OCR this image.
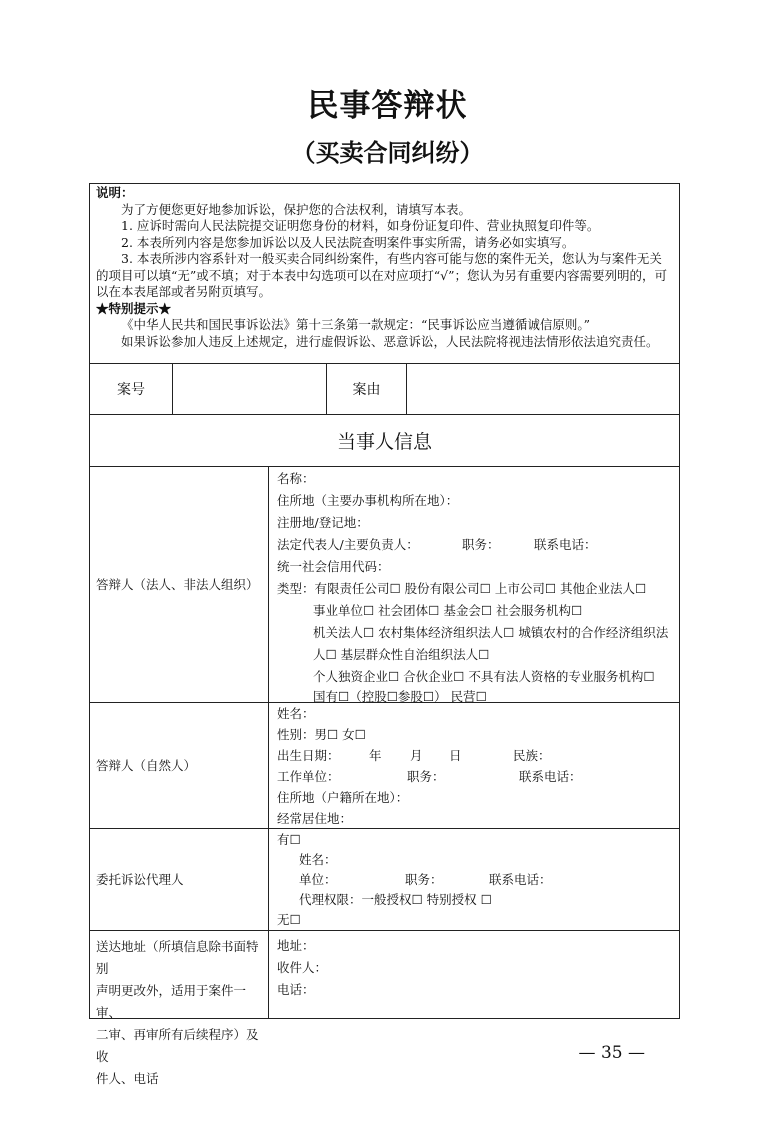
民事答辩状
（买卖合同纠纷）

说明：

为了方便您更好地参加诉讼，保护您的合法权利，请填写本表。

1. 应诉时需向人民法院提交证明您身份的材料，如身份证复印件、营业执照复印件等。

2. 本表所列内容是您参加诉讼以及人民法院查明案件事实所需，请务必如实填写。

3. 本表所涉内容系针对一般买卖合同纠纷案件，有些内容可能与您的案件无关，您认为与案件无关的项目可以填“无”或不填；对于本表中勾选项可以在对应项打“√”；您认为另有重要内容需要列明的，可以在本表尾部或者另附页填写。

★特别提示★

《中华人民共和国民事诉讼法》第十三条第一款规定：“民事诉讼应当遵循诚信原则。”

如果诉讼参加人违反上述规定，进行虚假诉讼、恶意诉讼，人民法院将视违法情形依法追究责任。

案号	案由
当事人信息
答辩人（法人、非法人组织）
名称：
住所地（主要办事机构所在地）：
注册地/登记地：
法定代表人/主要负责人：	职务：	联系电话：
统一社会信用代码：
类型：有限责任公司☐ 股份有限公司☐ 上市公司☐ 其他企业法人☐
事业单位☐ 社会团体☐ 基金会☐ 社会服务机构☐
机关法人☐ 农村集体经济组织法人☐ 城镇农村的合作经济组织法
人☐ 基层群众性自治组织法人☐
个人独资企业☐ 合伙企业☐ 不具有法人资格的专业服务机构☐
国有☐（控股☐参股☐） 民营☐
答辩人（自然人）
姓名：
性别：男☐ 女☐
出生日期： 年 月 日	民族：
工作单位：	职务：	联系电话：
住所地（户籍所在地）：
经常居住地：
委托诉讼代理人
有☐
姓名：
单位：	职务：	联系电话：
代理权限：一般授权☐ 特别授权 ☐
无☐
送达地址（所填信息除书面特别
声明更改外，适用于案件一审、
二审、再审所有后续程序）及收
件人、电话
地址：
收件人：
电话：
— 35 —
